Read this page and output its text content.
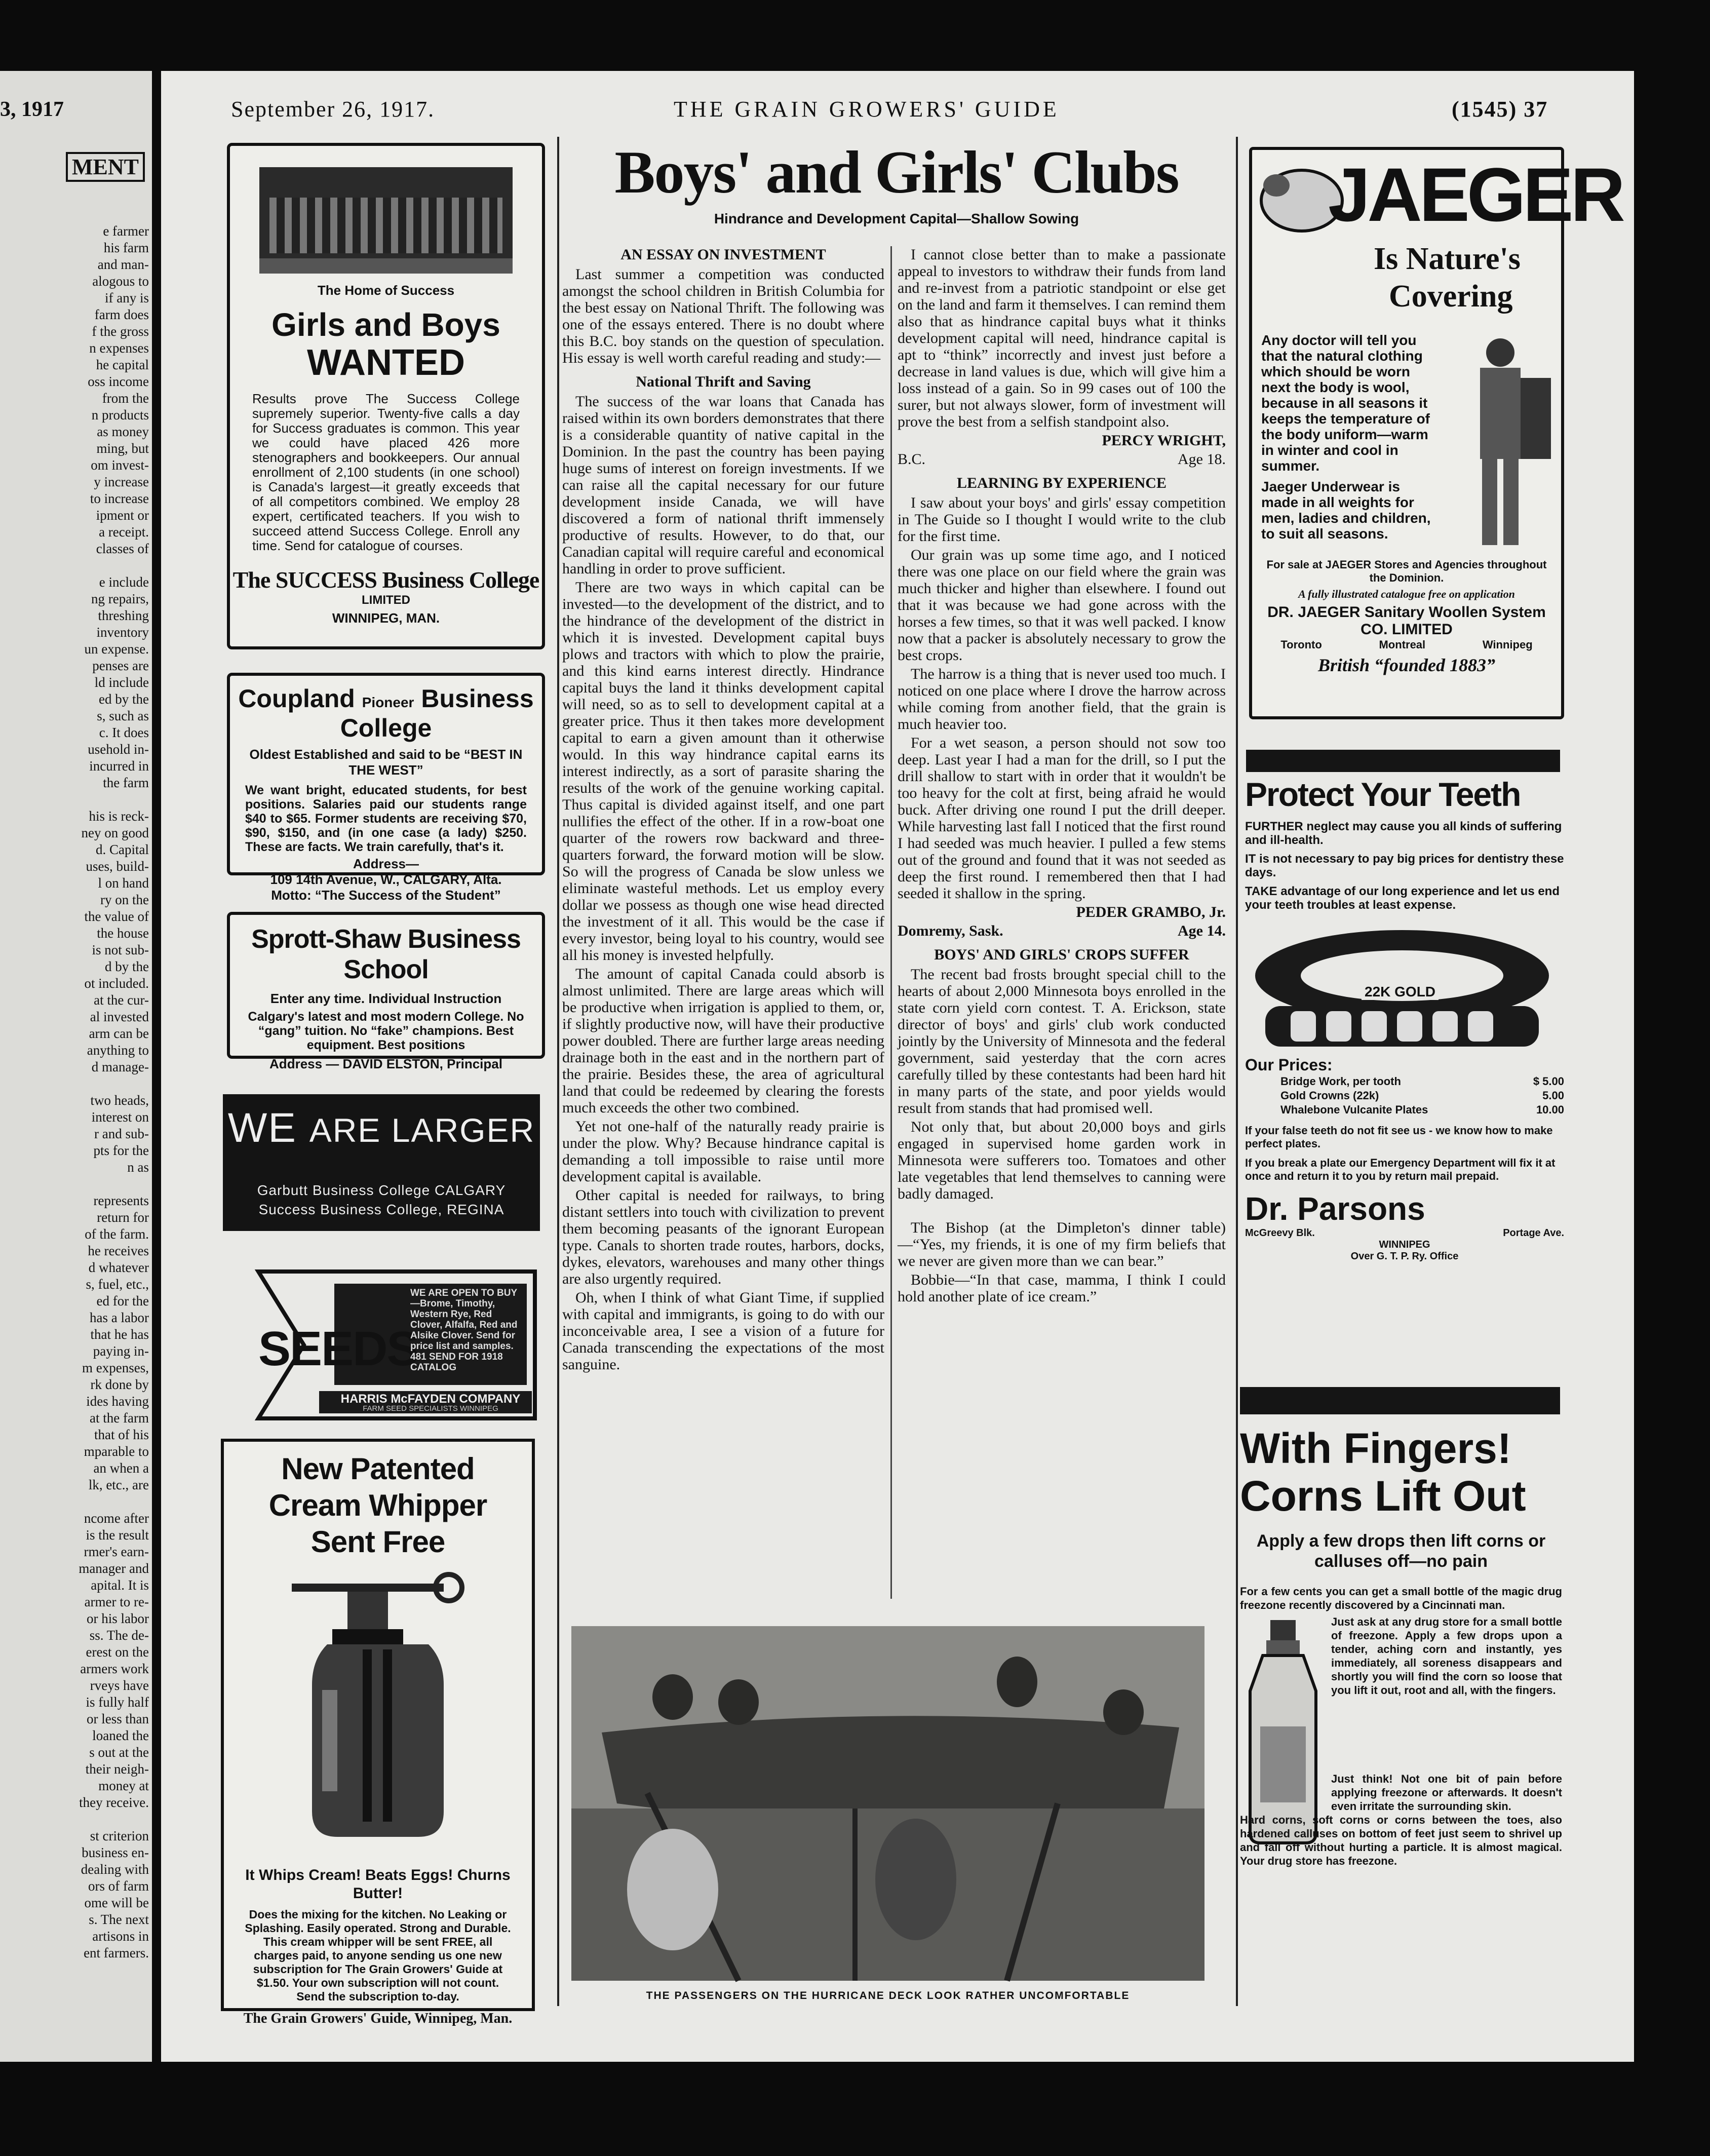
3, 1917
MENT

e farmer

his farm

and man-

alogous to

if any is

farm does

f the gross

n expenses

he capital

oss income

from the

n products

as money

ming, but

om invest-

y increase

to increase

ipment or

a receipt.

classes of

e include

ng repairs,

threshing

inventory

un expense.

penses are

ld include

ed by the

s, such as

c. It does

usehold in-

incurred in

the farm

his is reck-

ney on good

d. Capital

uses, build-

l on hand

ry on the

the value of

the house

is not sub-

d by the

ot included.

at the cur-

al invested

arm can be

anything to

d manage-

two heads,

interest on

r and sub-

pts for the

n as

represents

return for

of the farm.

he receives

d whatever

s, fuel, etc.,

ed for the

has a labor

that he has

paying in-

m expenses,

rk done by

ides having

at the farm

that of his

mparable to

an when a

lk, etc., are

ncome after

is the result

rmer's earn-

manager and

apital. It is

armer to re-

or his labor

ss. The de-

erest on the

armers work

rveys have

is fully half

or less than

loaned the

s out at the

their neigh-

money at

they receive.

st criterion

business en-

dealing with

ors of farm

ome will be

s. The next

artisons in

ent farmers.

September 26, 1917.	THE GRAIN GROWERS' GUIDE	(1545) 37

The Home of Success

Girls and Boys

WANTED

Results prove The Success College supremely superior. Twenty-five calls a day for Success graduates is common. This year we could have placed 426 more stenographers and bookkeepers. Our annual enrollment of 2,100 students (in one school) is Canada's largest—it greatly exceeds that of all competitors combined. We employ 28 expert, certificated teachers. If you wish to succeed attend Success College. Enroll any time. Send for catalogue of courses.

The SUCCESS Business College

LIMITED

WINNIPEG, MAN.

Coupland Pioneer Business College

Oldest Established and said to be “BEST IN THE WEST”

We want bright, educated students, for best positions. Salaries paid our students range $40 to $65. Former students are receiving $70, $90, $150, and (in one case (a lady) $250. These are facts. We train carefully, that's it.

Address—

109 14th Avenue, W., CALGARY, Alta.

Motto: “The Success of the Student”

Sprott-Shaw Business School

Enter any time. Individual Instruction

Calgary's latest and most modern College. No “gang” tuition. No “fake” champions. Best equipment. Best positions

Address — DAVID ELSTON, Principal

WE ARE LARGER

Garbutt Business College CALGARY

Success Business College, REGINA

SEEDS
WE ARE OPEN TO BUY—Brome, Timothy, Western Rye, Red Clover, Alfalfa, Red and Alsike Clover. Send for price list and samples. 481 SEND FOR 1918 CATALOG
HARRIS McFAYDEN COMPANY
FARM SEED SPECIALISTS WINNIPEG

New Patented Cream Whipper Sent Free

It Whips Cream! Beats Eggs! Churns Butter!

Does the mixing for the kitchen. No Leaking or Splashing. Easily operated. Strong and Durable. This cream whipper will be sent FREE, all charges paid, to anyone sending us one new subscription for The Grain Growers' Guide at $1.50. Your own subscription will not count. Send the subscription to-day.

The Grain Growers' Guide, Winnipeg, Man.

Boys' and Girls' Clubs
Hindrance and Development Capital—Shallow Sowing
AN ESSAY ON INVESTMENT

Last summer a competition was conducted amongst the school children in British Columbia for the best essay on National Thrift. The following was one of the essays entered. There is no doubt where this B.C. boy stands on the question of speculation. His essay is well worth careful reading and study:—

National Thrift and Saving

The success of the war loans that Canada has raised within its own borders demonstrates that there is a considerable quantity of native capital in the Dominion. In the past the country has been paying huge sums of interest on foreign investments. If we can raise all the capital necessary for our future development inside Canada, we will have discovered a form of national thrift immensely productive of results. However, to do that, our Canadian capital will require careful and economical handling in order to prove sufficient.

There are two ways in which capital can be invested—to the development of the district, and to the hindrance of the development of the district in which it is invested. Development capital buys plows and tractors with which to plow the prairie, and this kind earns interest directly. Hindrance capital buys the land it thinks development capital will need, so as to sell to development capital at a greater price. Thus it then takes more development capital to earn a given amount than it otherwise would. In this way hindrance capital earns its interest indirectly, as a sort of parasite sharing the results of the work of the genuine working capital. Thus capital is divided against itself, and one part nullifies the effect of the other. If in a row-boat one quarter of the rowers row backward and three-quarters forward, the forward motion will be slow. So will the progress of Canada be slow unless we eliminate wasteful methods. Let us employ every dollar we possess as though one wise head directed the investment of it all. This would be the case if every investor, being loyal to his country, would see all his money is invested helpfully.

The amount of capital Canada could absorb is almost unlimited. There are large areas which will be productive when irrigation is applied to them, or, if slightly productive now, will have their productive power doubled. There are further large areas needing drainage both in the east and in the northern part of the prairie. Besides these, the area of agricultural land that could be redeemed by clearing the forests much exceeds the other two combined.

Yet not one-half of the naturally ready prairie is under the plow. Why? Because hindrance capital is demanding a toll impossible to raise until more development capital is available.

Other capital is needed for railways, to bring distant settlers into touch with civilization to prevent them becoming peasants of the ignorant European type. Canals to shorten trade routes, harbors, docks, dykes, elevators, warehouses and many other things are also urgently required.

Oh, when I think of what Giant Time, if supplied with capital and immigrants, is going to do with our inconceivable area, I see a vision of a future for Canada transcending the expectations of the most sanguine.

I cannot close better than to make a passionate appeal to investors to withdraw their funds from land and re-invest from a patriotic standpoint or else get on the land and farm it themselves. I can remind them also that as hindrance capital buys what it thinks development capital will need, hindrance capital is apt to “think” incorrectly and invest just before a decrease in land values is due, which will give him a loss instead of a gain. So in 99 cases out of 100 the surer, but not always slower, form of investment will prove the best from a selfish standpoint also.

PERCY WRIGHT,

B.C.	Age 18.

LEARNING BY EXPERIENCE

I saw about your boys' and girls' essay competition in The Guide so I thought I would write to the club for the first time.

Our grain was up some time ago, and I noticed there was one place on our field where the grain was much thicker and higher than elsewhere. I found out that it was because we had gone across with the horses a few times, so that it was well packed. I know now that a packer is absolutely necessary to grow the best crops.

The harrow is a thing that is never used too much. I noticed on one place where I drove the harrow across while coming from another field, that the grain is much heavier too.

For a wet season, a person should not sow too deep. Last year I had a man for the drill, so I put the drill shallow to start with in order that it wouldn't be too heavy for the colt at first, being afraid he would buck. After driving one round I put the drill deeper. While harvesting last fall I noticed that the first round I had seeded was much heavier. I pulled a few stems out of the ground and found that it was not seeded as deep the first round. I remembered then that I had seeded it shallow in the spring.

PEDER GRAMBO, Jr.

Domremy, Sask.	Age 14.

BOYS' AND GIRLS' CROPS SUFFER

The recent bad frosts brought special chill to the hearts of about 2,000 Minnesota boys enrolled in the state corn yield corn contest. T. A. Erickson, state director of boys' and girls' club work conducted jointly by the University of Minnesota and the federal government, said yesterday that the corn acres carefully tilled by these contestants had been hard hit in many parts of the state, and poor yields would result from stands that had promised well.

Not only that, but about 20,000 boys and girls engaged in supervised home garden work in Minnesota were sufferers too. Tomatoes and other late vegetables that lend themselves to canning were badly damaged.

The Bishop (at the Dimpleton's dinner table)—“Yes, my friends, it is one of my firm beliefs that we never are given more than we can bear.”

Bobbie—“In that case, mamma, I think I could hold another plate of ice cream.”

THE PASSENGERS ON THE HURRICANE DECK LOOK RATHER UNCOMFORTABLE
JAEGER
Is Nature's
Covering

Any doctor will tell you that the natural clothing which should be worn next the body is wool, because in all seasons it keeps the temperature of the body uniform—warm in winter and cool in summer.

Jaeger Underwear is made in all weights for men, ladies and children, to suit all seasons.

For sale at JAEGER Stores and Agencies throughout the Dominion.

A fully illustrated catalogue free on application

DR. JAEGER Sanitary Woollen System CO. LIMITED

Toronto	Montreal	Winnipeg

British “founded 1883”

Protect Your Teeth

FURTHER neglect may cause you all kinds of suffering and ill-health.

IT is not necessary to pay big prices for dentistry these days.

TAKE advantage of our long experience and let us end your teeth troubles at least expense.

22K GOLD

Our Prices:

Bridge Work, per tooth	$ 5.00
Gold Crowns (22k)	5.00
Whalebone Vulcanite Plates	10.00

If your false teeth do not fit see us - we know how to make perfect plates.

If you break a plate our Emergency Department will fix it at once and return it to you by return mail prepaid.

Dr. Parsons

McGreevy Blk.	Portage Ave.

WINNIPEG

Over G. T. P. Ry. Office

With Fingers!

Corns Lift Out

Apply a few drops then lift corns or calluses off—no pain

For a few cents you can get a small bottle of the magic drug freezone recently discovered by a Cincinnati man.

Just ask at any drug store for a small bottle of freezone. Apply a few drops upon a tender, aching corn and instantly, yes immediately, all soreness disappears and shortly you will find the corn so loose that you lift it out, root and all, with the fingers.

Just think! Not one bit of pain before applying freezone or afterwards. It doesn't even irritate the surrounding skin.

Hard corns, soft corns or corns between the toes, also hardened calluses on bottom of feet just seem to shrivel up and fall off without hurting a particle. It is almost magical. Your drug store has freezone.
